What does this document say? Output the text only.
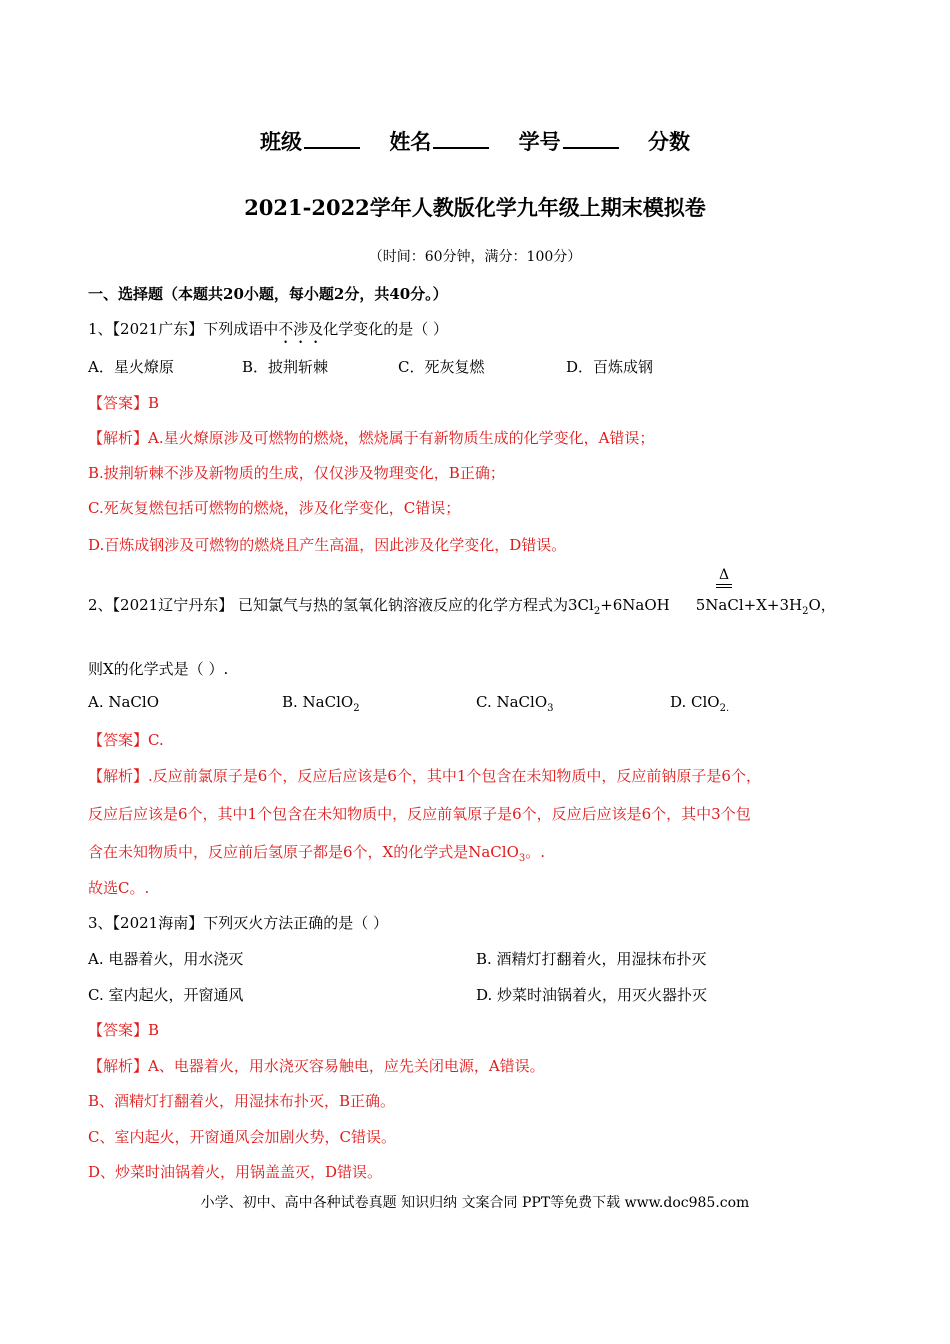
班级	姓名	学号	分数
2021-2022学年人教版化学九年级上期末模拟卷
（时间：60分钟，满分：100分）
一、选择题（本题共20小题，每小题2分，共40分。）
1、【2021广东】下列成语中不涉及化学变化的是（ ）
A．星火燎原	B．披荆斩棘	C．死灰复燃	D．百炼成钢
【答案】B
【解析】A.星火燎原涉及可燃物的燃烧，燃烧属于有新物质生成的化学变化，A错误；
B.披荆斩棘不涉及新物质的生成，仅仅涉及物理变化，B正确；
C.死灰复燃包括可燃物的燃烧，涉及化学变化，C错误；
D.百炼成钢涉及可燃物的燃烧且产生高温，因此涉及化学变化，D错误。
Δ
2、【2021辽宁丹东】 已知氯气与热的氢氧化钠溶液反应的化学方程式为$3Cl_2+6NaOH$ $5NaCl+X+3H_2O$，
则X的化学式是（ ）.
A. NaClO	B. NaClO$_2$	C. NaClO$_3$	D. ClO$_{2.}$
【答案】C.
【解析】.反应前氯原子是6个，反应后应该是6个，其中1个包含在未知物质中，反应前钠原子是6个，
反应后应该是6个，其中1个包含在未知物质中，反应前氧原子是6个，反应后应该是6个，其中3个包
含在未知物质中，反应前后氢原子都是6个，X的化学式是NaClO$_3$。.
故选C。.
3、【2021海南】下列灭火方法正确的是（ ）
A. 电器着火，用水浇灭	B. 酒精灯打翻着火，用湿抹布扑灭
C. 室内起火，开窗通风	D. 炒菜时油锅着火，用灭火器扑灭
【答案】B
【解析】A、电器着火，用水浇灭容易触电，应先关闭电源，A错误。
B、酒精灯打翻着火，用湿抹布扑灭，B正确。
C、室内起火，开窗通风会加剧火势，C错误。
D、炒菜时油锅着火，用锅盖盖灭，D错误。
小学、初中、高中各种试卷真题 知识归纳 文案合同 PPT等免费下载 www.doc985.com
